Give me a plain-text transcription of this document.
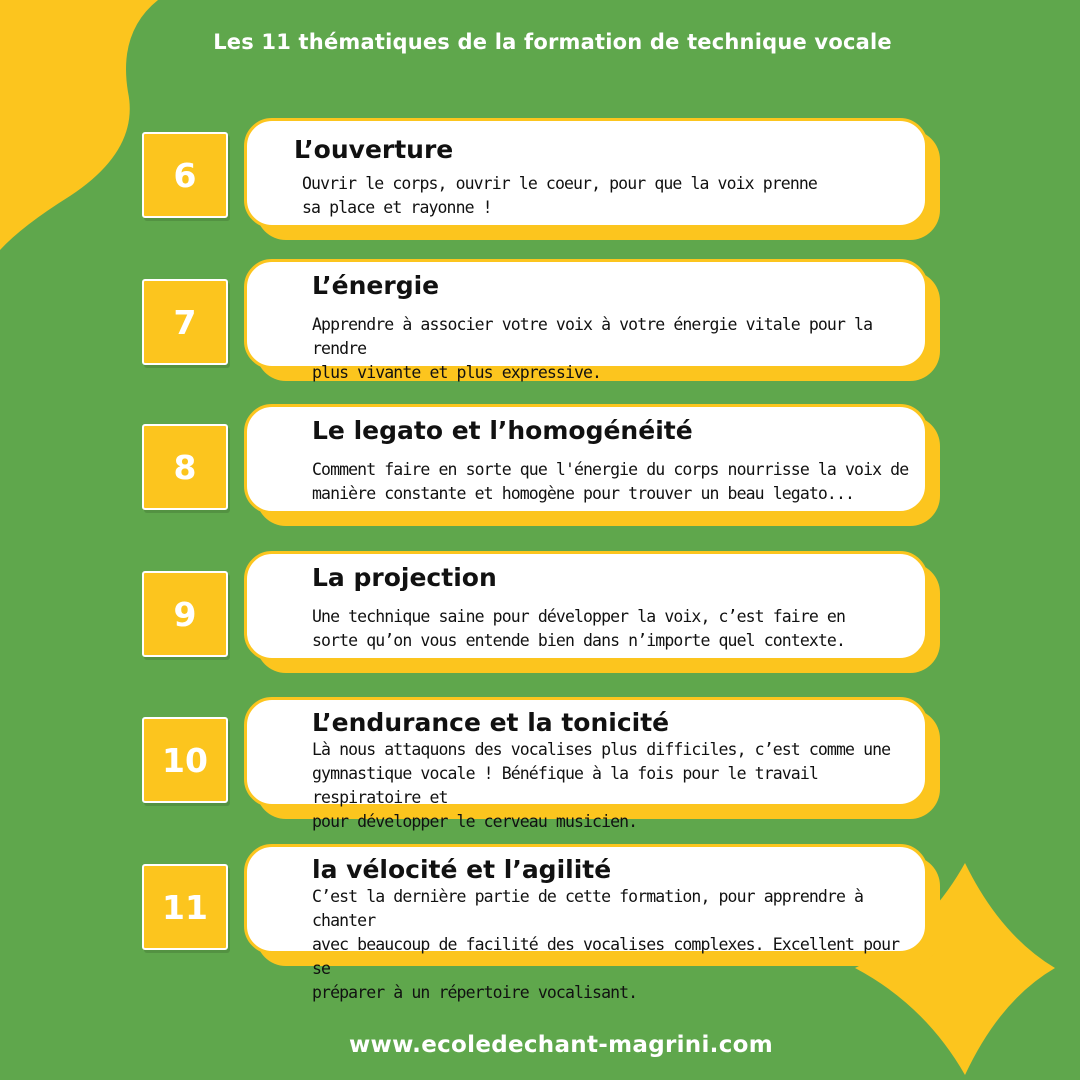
Les 11 thématiques de la formation de technique vocale
6
L’ouverture
Ouvrir le corps, ouvrir le coeur, pour que la voix prenne
sa place et rayonne !
7
L’énergie
Apprendre à associer votre voix à votre énergie vitale pour la rendre
plus vivante et plus expressive.
8
Le legato et l’homogénéité
Comment faire en sorte que l'énergie du corps nourrisse la voix de
manière constante et homogène pour trouver un beau legato...
9
La projection
Une technique saine pour développer la voix, c’est faire en
sorte qu’on vous entende bien dans n’importe quel contexte.
10
L’endurance et la tonicité
Là nous attaquons des vocalises plus difficiles, c’est comme une
gymnastique vocale ! Bénéfique à la fois pour le travail respiratoire et
pour développer le cerveau musicien.
11
la vélocité et l’agilité
C’est la dernière partie de cette formation, pour apprendre à chanter
avec beaucoup de facilité des vocalises complexes. Excellent pour se
préparer à un répertoire vocalisant.
www.ecoledechant-magrini.com
